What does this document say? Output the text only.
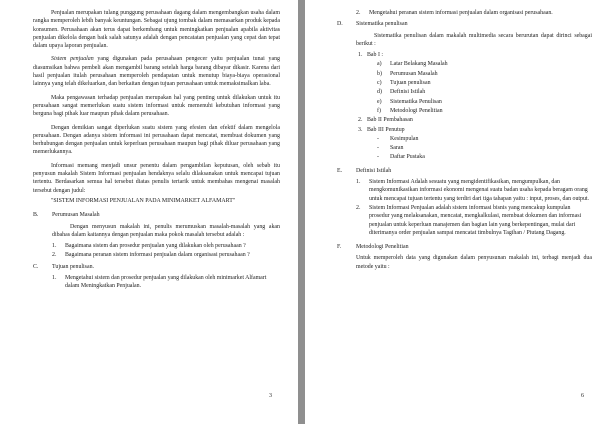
Penjualan merupakan tulang punggung perusahaan dagang dalam mengembangkan usaha dalam rangka memperoleh lebih banyak keuntungan. Sebagai ujung tombak dalam memasarkan produk kepada konsumen. Perusahaan akan terus dapat berkembang untuk meningkatkan penjualan apabila aktivitas penjualan dikelola dengan baik salah satunya adalah dengan pencatatan penjualan yang cepat dan tepat dalam upaya laporan penjualan.

Sistem penjualan yang digunakan pada perusahaan pengecer yaitu penjualan tunai yang diasumsikan bahwa pembeli akan mengambil barang setelah harga barang dibayar dikasir. Karena dari hasil penjualan itulah perusahaan memperoleh pendapatan untuk menutup biaya-biaya operasional lainnya yang telah dikeluarkan, dan berkaitan dengan tujuan perusahaan untuk memaksimalkan laba.

Maka pengawasan terhadap penjualan merupakan hal yang penting untuk dilakukan untuk itu perusahaan sangat memerlukan suatu sistem informasi untuk memenuhi kebutuhan informasi yang berguna bagi pihak luar maupun pihak dalam perusahaan.

Dengan demikian sangat diperlukan suatu sistem yang efesien dan efektif dalam mengelola perusahaan. Dengan adanya sistem informasi ini perusahaan dapat mencatat, membuat dokumen yang berhubungan dengan penjualan untuk keperluan perusahaan maupun bagi pihak diluar perusahaan yang memerlukannya.

Informasi memang menjadi unsur penentu dalam pengambilan keputusan, oleh sebab itu penyusun makalah Sistem Informasi penjualan hendaknya selalu dilaksanakan untuk mencapai tujuan tertentu. Berdasarkan semua hal tersebut diatas penulis tertarik untuk membahas mengenai masalah tersebut dengan judul:

"SISTEM INFORMASI PENJUALAN PADA MINIMARKET ALFAMART"

B. Perumusan Masalah

Dengan menyusun makalah ini, penulis merumuskan masalah-masalah yang akan dibahas dalam kaitannya dengan penjualan maka pokok masalah tersebut adalah :

1. Bagaimana sistem dan prosedur penjualan yang dilakukan oleh perusahaan ?
2. Bagaimana peranan sistem informasi penjualan dalam organisasi perusahaan ?
C. Tujuan penulisan.
1. Mengetahui sistem dan prosedur penjualan yang dilakukan oleh minimarket Alfamart dalam Meningkatkan Penjualan.
3
2. Mengetahui peranan sistem informasi penjualan dalam organisasi perusahaan.
D. Sistematika penulisan

Sistematika penulisan dalam makalah multimedia secara berurutan dapat dirinci sebagai berikut :

1. Bab I :
a) Latar Belakang Masalah
b) Perumusan Masalah
c) Tujuan penulisan
d) Definisi Istilah
e) Sistematika Penulisan
f) Metodologi Penelitian
2. Bab II Pembahasan
3. Bab III Penutup
- Kesimpulan
- Saran
- Daftar Pustaka
E. Definisi Istilah
1. Sistem Informasi Adalah sesuatu yang mengidentifikasikan, mengumpulkan, dan mengkomunikasikan informasi ekonomi mengenai suatu badan usaha kepada beragam orang untuk mencapai tujuan tertentu yang terdiri dari tiga tahapan yaitu : input, proses, dan output.
2. Sistem Informasi Penjualan adalah sistem informasi bisnis yang mencakup kumpulan prosedur yang melaksanakan, mencatat, mengkalkulasi, membuat dokumen dan informasi penjualan untuk keperluan manajemen dan bagian lain yang berkepentingan, mulai dari diterimanya order penjualan sampai mencatat timbulnya Tagihan / Piutang Dagang.
F. Metodologi Penelitian

Untuk memperoleh data yang digunakan dalam penyusunan makalah ini, terbagi menjadi dua metode yaitu :

6
